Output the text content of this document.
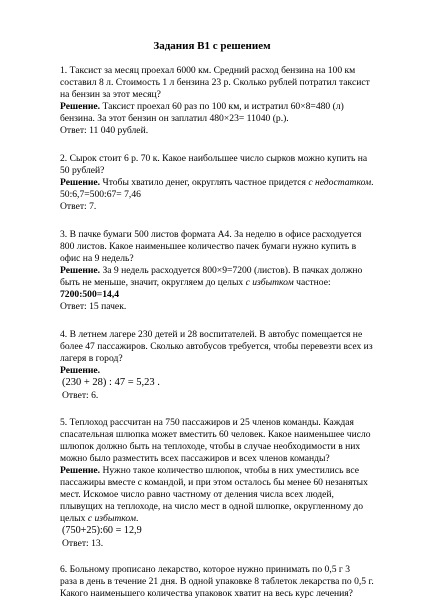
Задания В1 с решением
1. Таксист за месяц проехал 6000 км. Средний расход бензина на 100 км
составил 8 л. Стоимость 1 л бензина 23 р. Сколько рублей потратил таксист
на бензин за этот месяц?
Решение. Таксист проехал 60 раз по 100 км, и истратил 60×8=480 (л)
бензина. За этот бензин он заплатил 480×23= 11040 (р.).
Ответ: 11 040 рублей.
2. Сырок стоит 6 р. 70 к. Какое наибольшее число сырков можно купить на
50 рублей?
Решение. Чтобы хватило денег, округлять частное придется с недостатком.
50:6,7=500:67= 7,46
Ответ: 7.
3. В пачке бумаги 500 листов формата А4. За неделю в офисе расходуется
800 листов. Какое наименьшее количество пачек бумаги нужно купить в
офис на 9 недель?
Решение. За 9 недель расходуется 800×9=7200 (листов). В пачках должно
быть не меньше, значит, округляем до целых с избытком частное:
7200:500=14,4
Ответ: 15 пачек.
4. В летнем лагере 230 детей и 28 воспитателей. В автобус помещается не
более 47 пассажиров. Сколько автобусов требуется, чтобы перевезти всех из
лагеря в город?
Решение.
(230 + 28) : 47 = 5,23 .
Ответ: 6.
5. Теплоход рассчитан на 750 пассажиров и 25 членов команды. Каждая
спасательная шлюпка может вместить 60 человек. Какое наименьшее число
шлюпок должно быть на теплоходе, чтобы в случае необходимости в них
можно было разместить всех пассажиров и всех членов команды?
Решение. Нужно такое количество шлюпок, чтобы в них уместились все
пассажиры вместе с командой, и при этом осталось бы менее 60 незанятых
мест. Искомое число равно частному от деления числа всех людей,
плывущих на теплоходе, на число мест в одной шлюпке, округленному до
целых с избытком.
(750+25):60 = 12,9
Ответ: 13.
6. Больному прописано лекарство, которое нужно принимать по 0,5 г 3
раза в день в течение 21 дня. В одной упаковке 8 таблеток лекарства по 0,5 г.
Какого наименьшего количества упаковок хватит на весь курс лечения?
